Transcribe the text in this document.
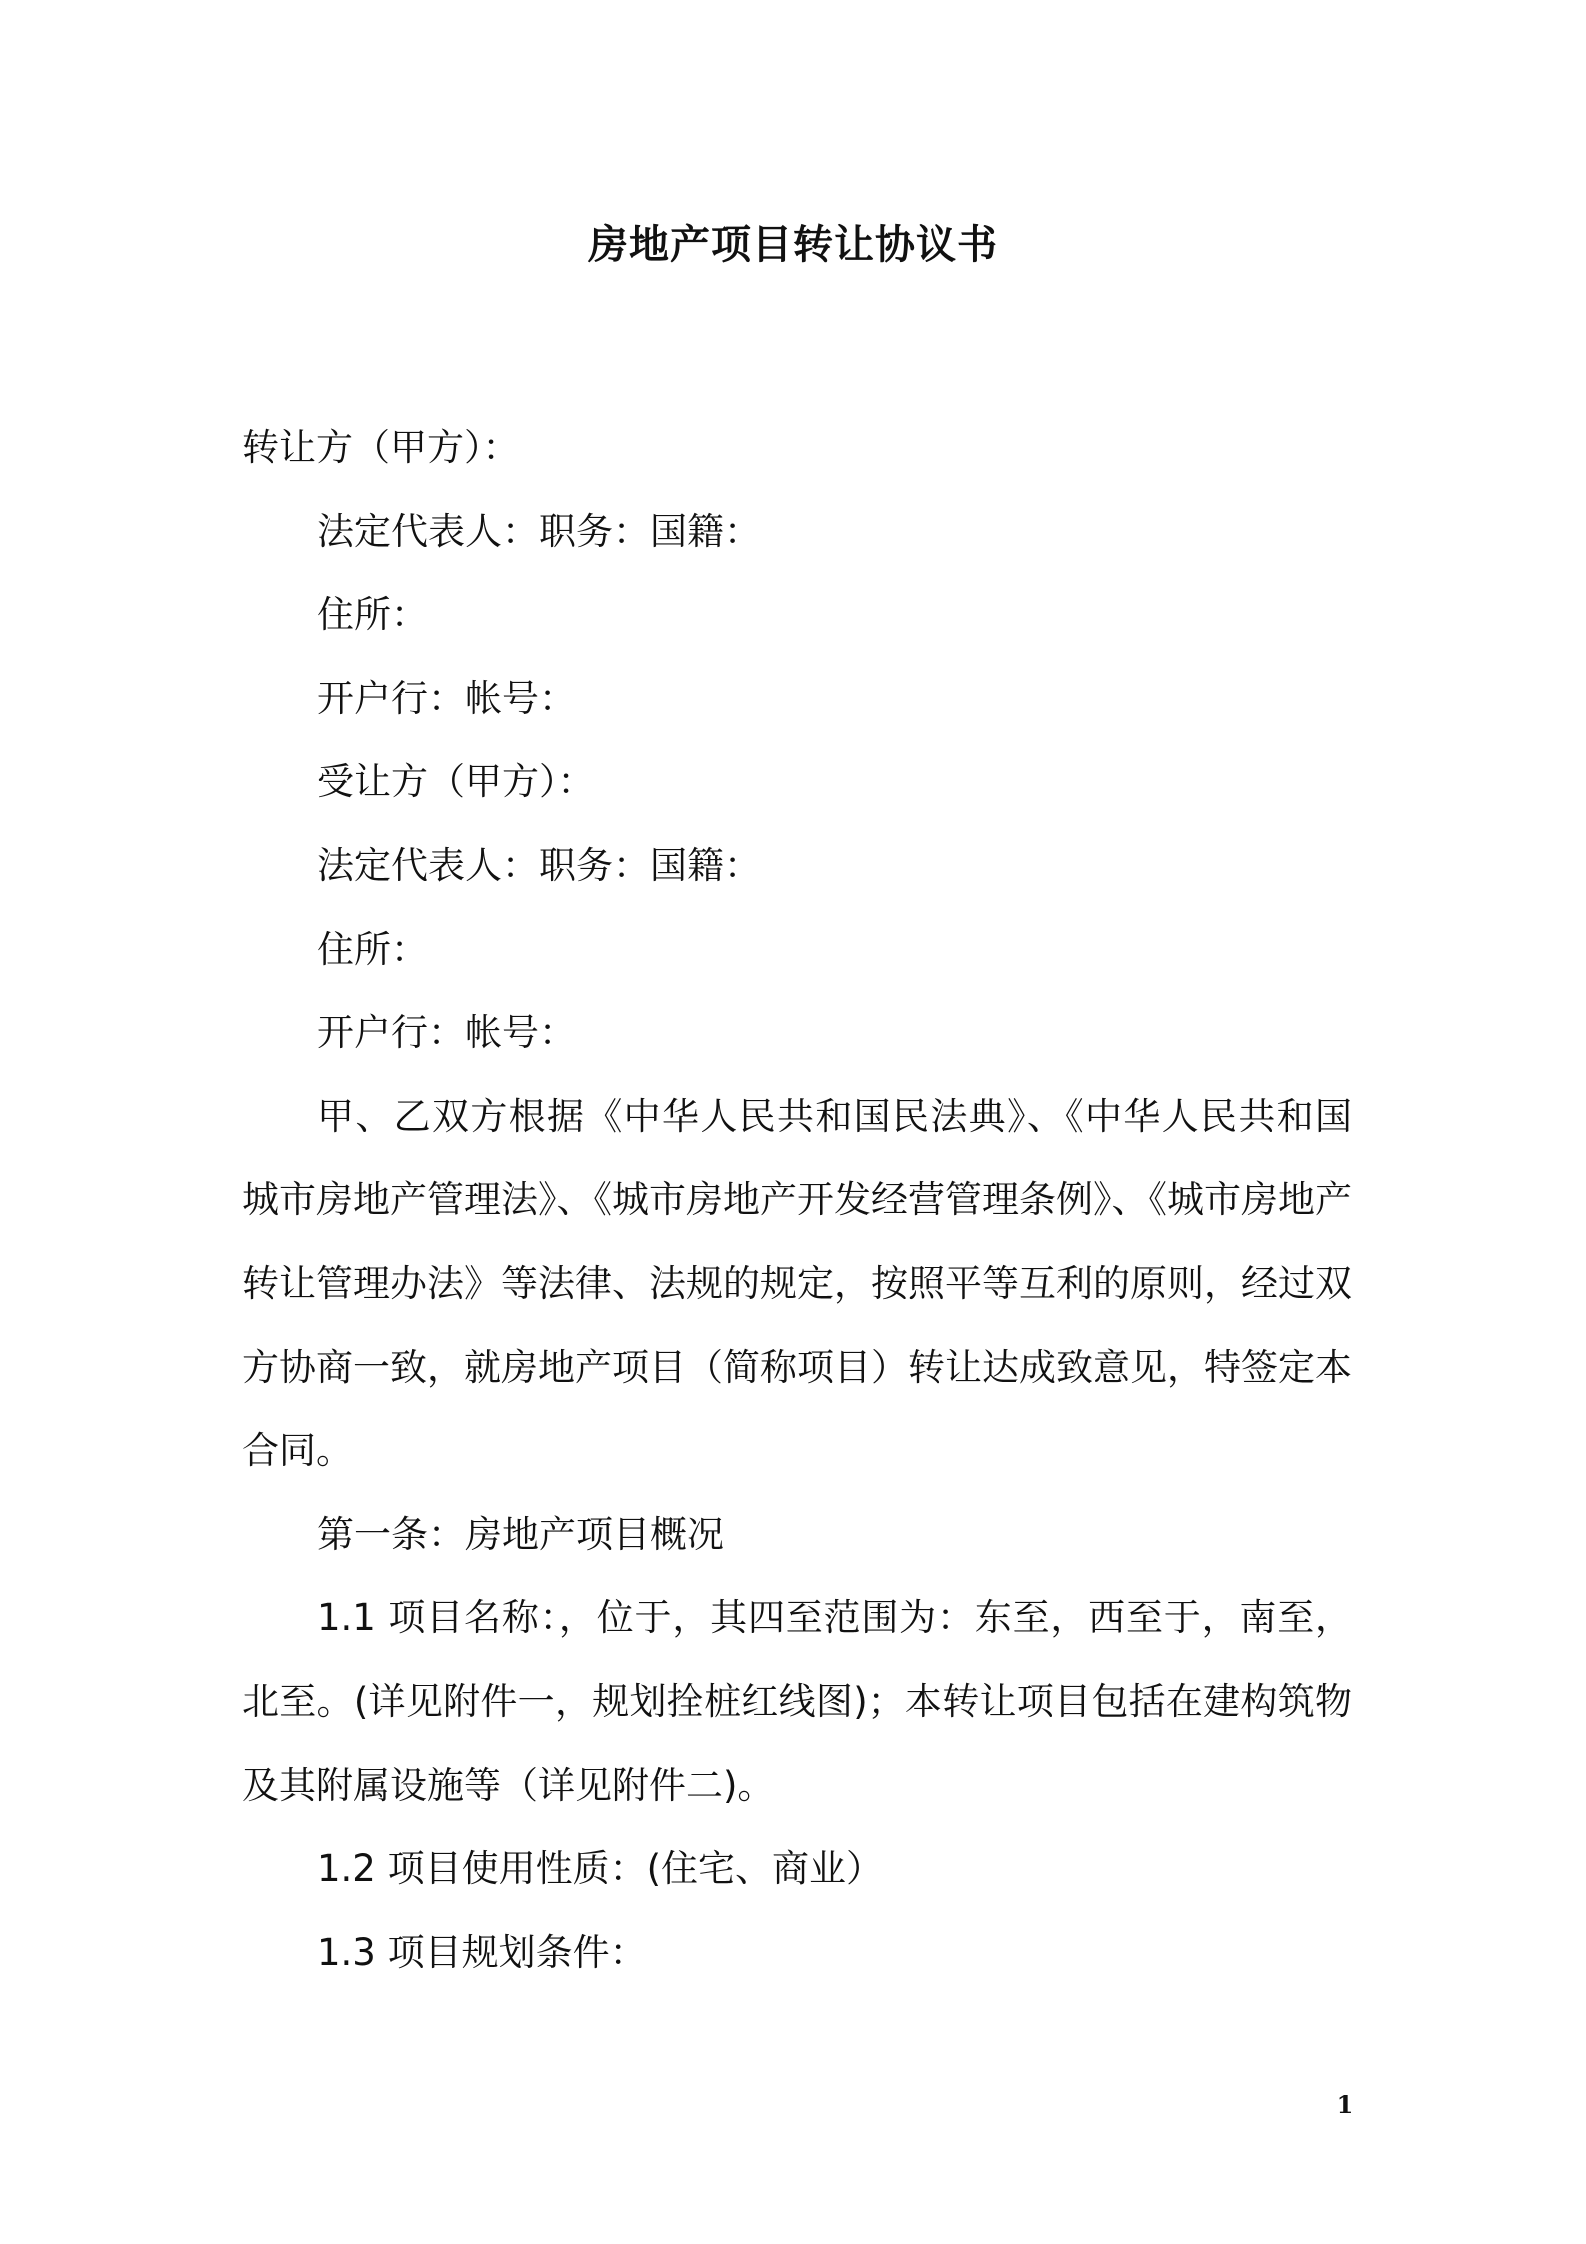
房地产项目转让协议书
转让方（甲方）：
法定代表人：职务：国籍：
住所：
开户行：帐号：
受让方（甲方）：
法定代表人：职务：国籍：
住所：
开户行：帐号：
甲、乙双方根据《中华人民共和国民法典》、《中华人民共和国城市房地产管理法》、《城市房地产开发经营管理条例》、《城市房地产转让管理办法》等法律、法规的规定，按照平等互利的原则，经过双方协商一致，就房地产项目（简称项目）转让达成致意见，特签定本合同。
第一条：房地产项目概况
1.1 项目名称：，位于，其四至范围为：东至，西至于，南至，北至。(详见附件一，规划拴桩红线图)；本转让项目包括在建构筑物及其附属设施等（详见附件二)。
1.2 项目使用性质：(住宅、商业）
1.3 项目规划条件：
1
